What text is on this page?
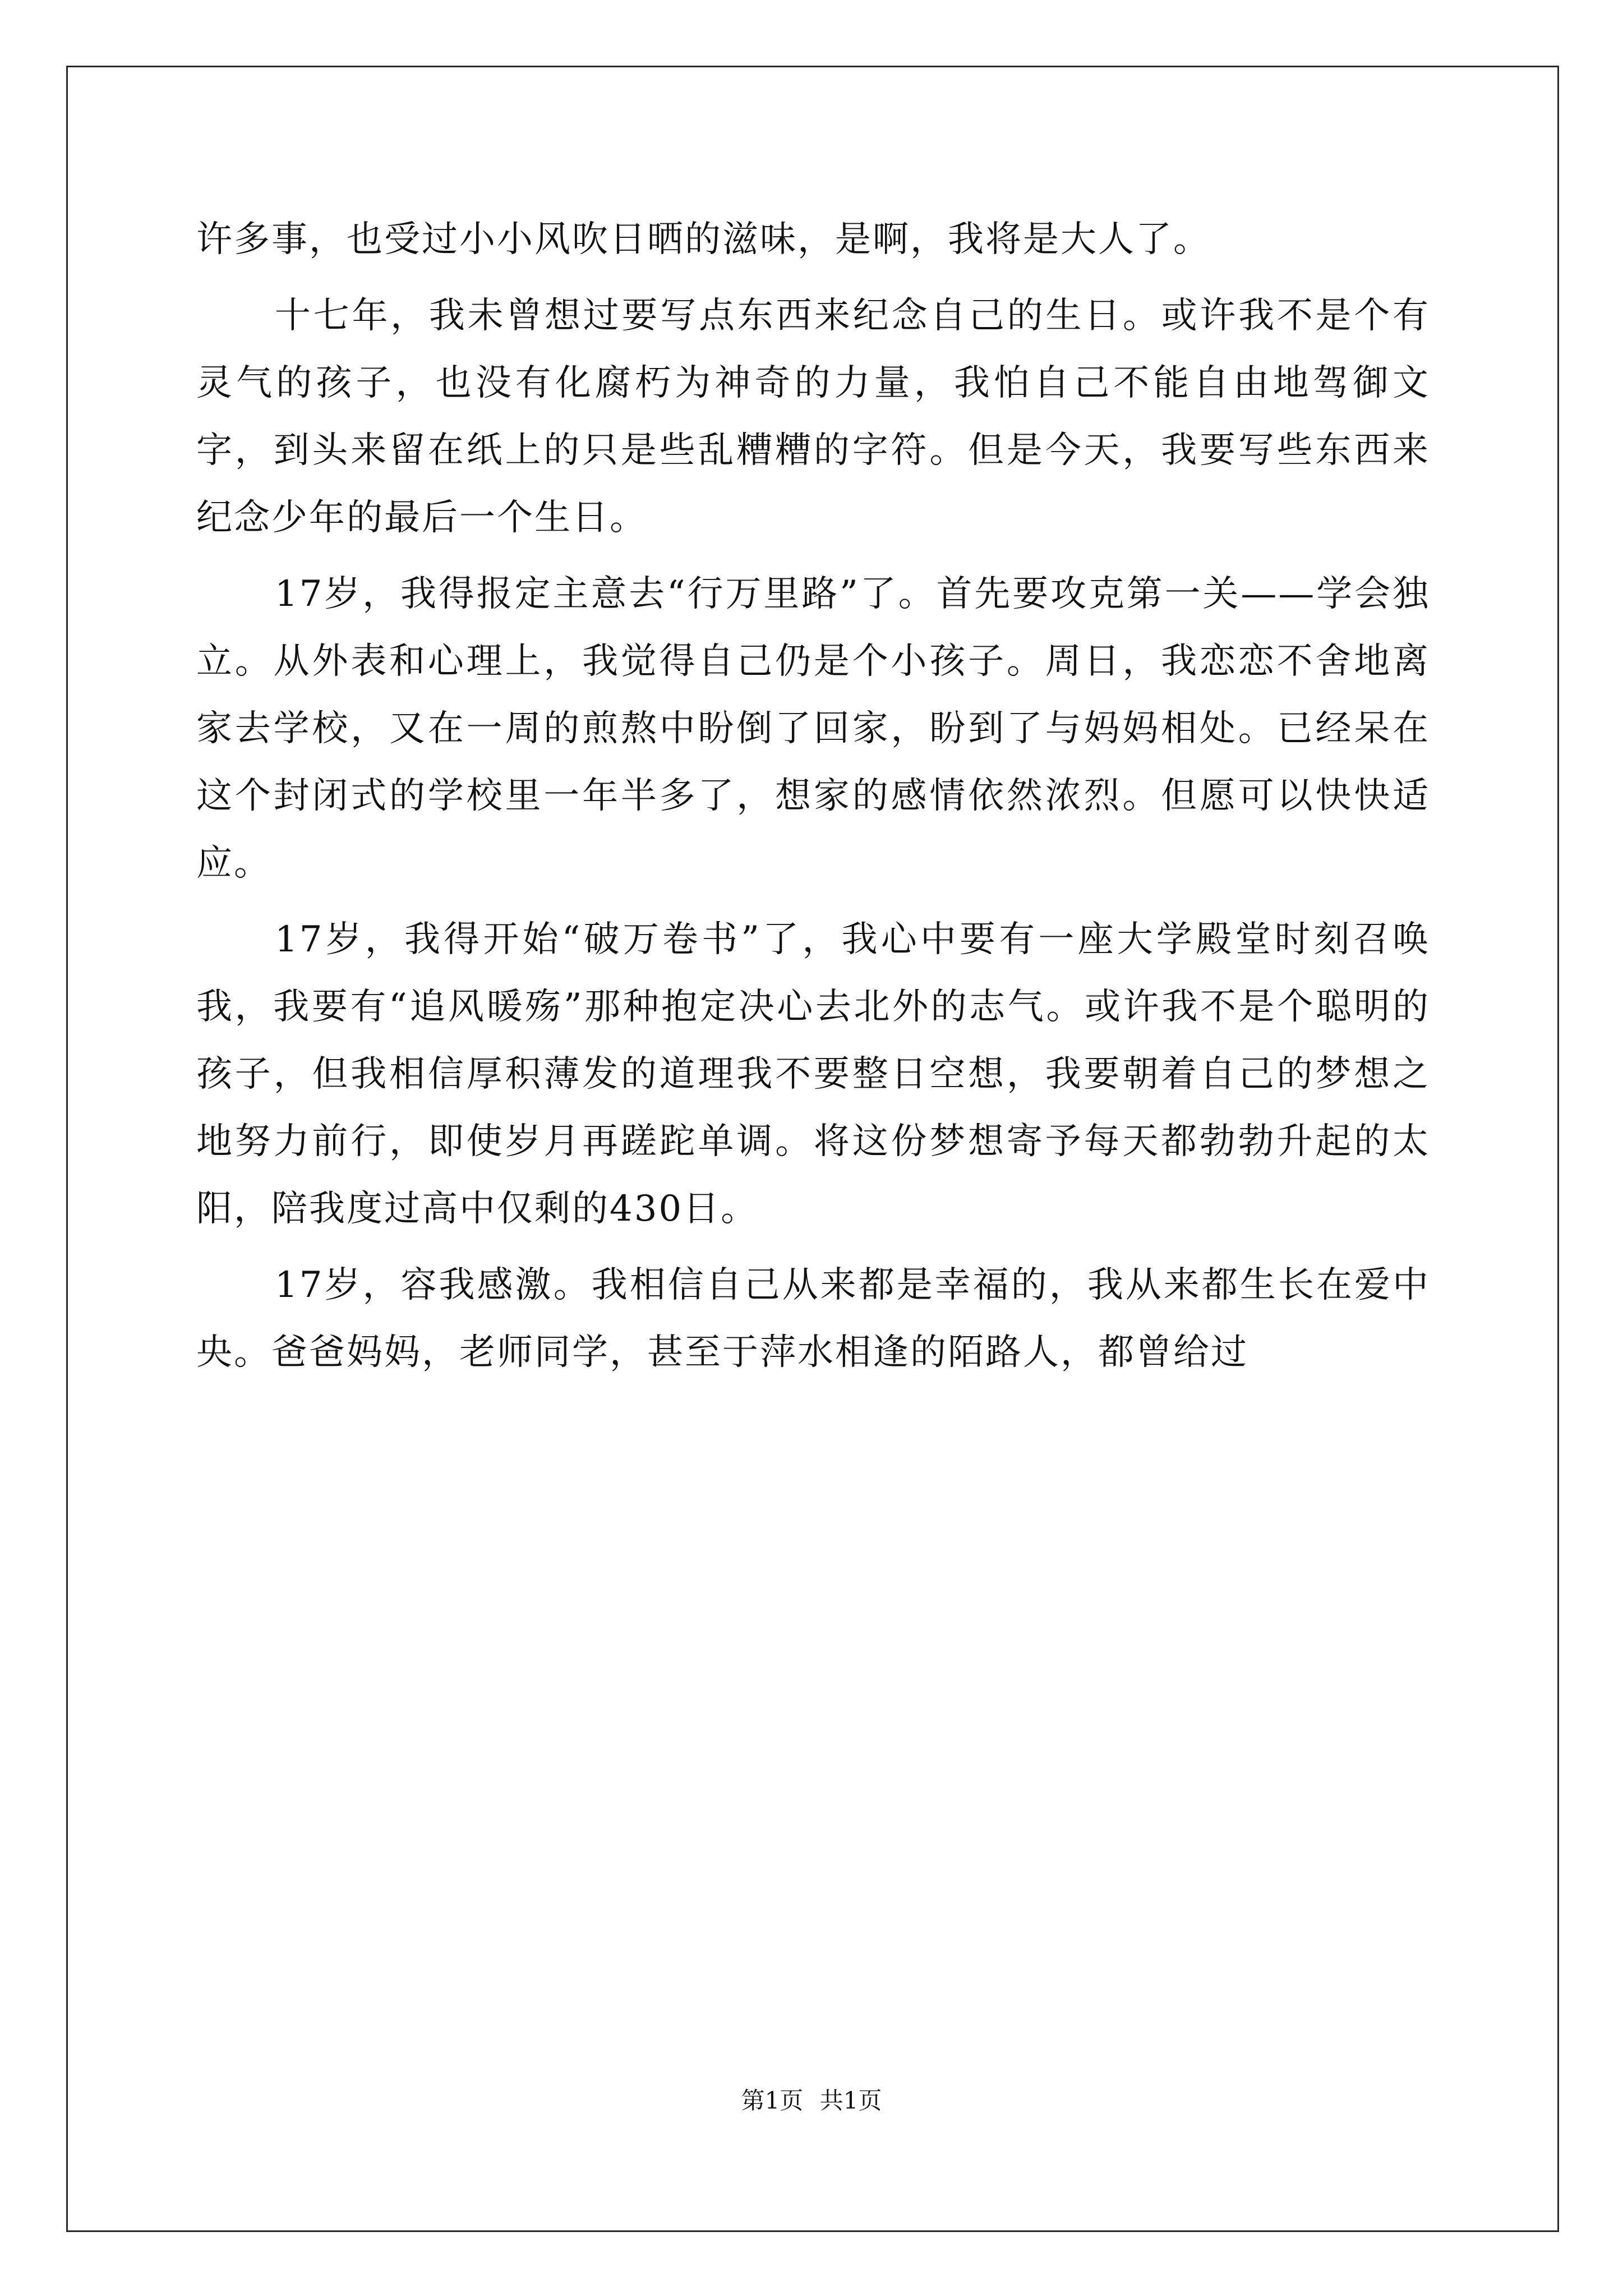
许多事，也受过小小风吹日晒的滋味，是啊，我将是大人了。

十七年，我未曾想过要写点东西来纪念自己的生日。或许我不是个有灵气的孩子，也没有化腐朽为神奇的力量，我怕自己不能自由地驾御文字，到头来留在纸上的只是些乱糟糟的字符。但是今天，我要写些东西来纪念少年的最后一个生日。

17岁，我得报定主意去“行万里路”了。首先要攻克第一关——学会独立。从外表和心理上，我觉得自己仍是个小孩子。周日，我恋恋不舍地离家去学校，又在一周的煎熬中盼倒了回家，盼到了与妈妈相处。已经呆在这个封闭式的学校里一年半多了，想家的感情依然浓烈。但愿可以快快适应。

17岁，我得开始“破万卷书”了，我心中要有一座大学殿堂时刻召唤我，我要有“追风暖殇”那种抱定决心去北外的志气。或许我不是个聪明的孩子，但我相信厚积薄发的道理我不要整日空想，我要朝着自己的梦想之地努力前行，即使岁月再蹉跎单调。将这份梦想寄予每天都勃勃升起的太阳，陪我度过高中仅剩的430日。

17岁，容我感激。我相信自己从来都是幸福的，我从来都生长在爱中央。爸爸妈妈，老师同学，甚至于萍水相逢的陌路人，都曾给过

第1页 共1页
